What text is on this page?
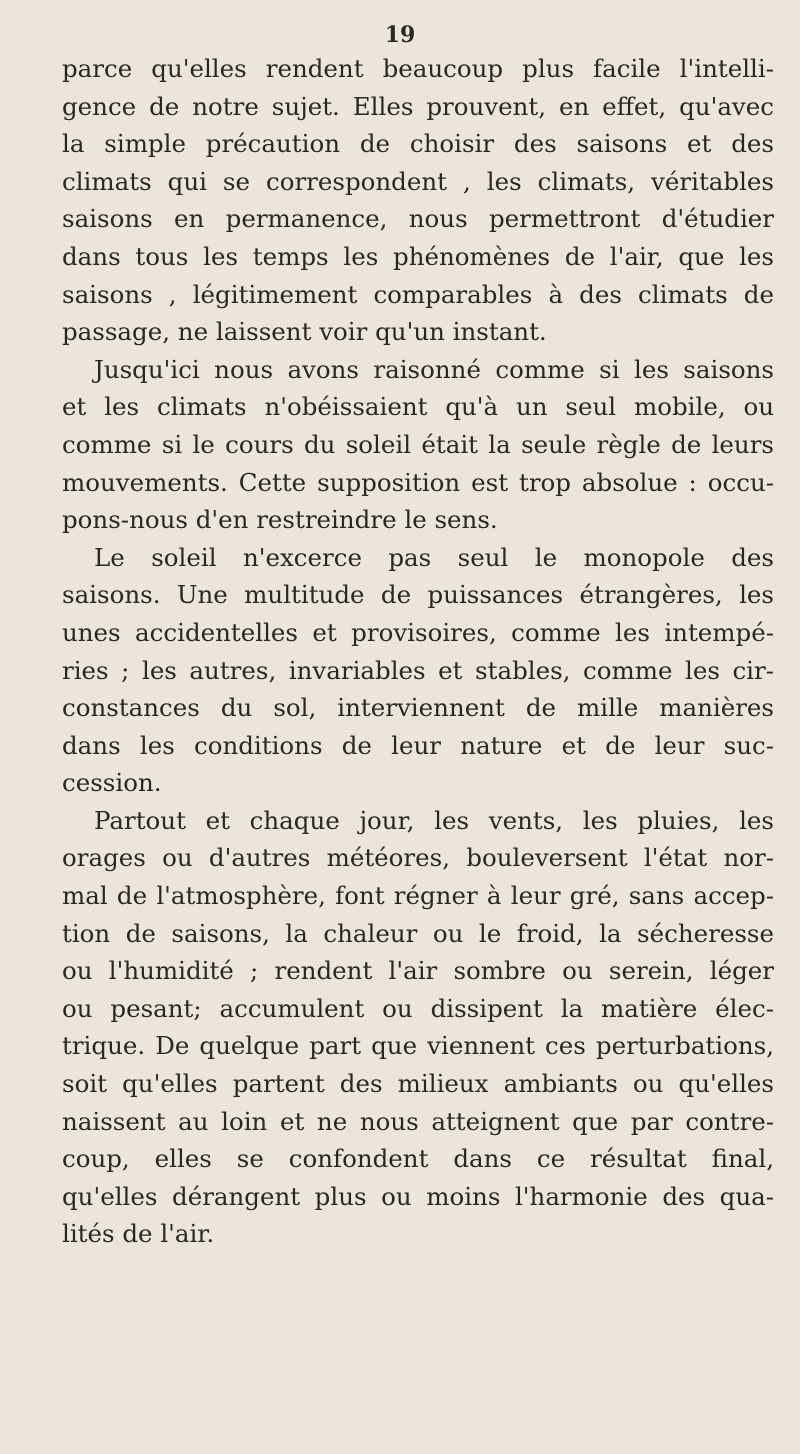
19
parce qu'elles rendent beaucoup plus facile l'intelli-
gence de notre sujet. Elles prouvent, en effet, qu'avec
la simple précaution de choisir des saisons et des
climats qui se correspondent , les climats, véritables
saisons en permanence, nous permettront d'étudier
dans tous les temps les phénomènes de l'air, que les
saisons , légitimement comparables à des climats de
passage, ne laissent voir qu'un instant.
Jusqu'ici nous avons raisonné comme si les saisons
et les climats n'obéissaient qu'à un seul mobile, ou
comme si le cours du soleil était la seule règle de leurs
mouvements. Cette supposition est trop absolue : occu-
pons-nous d'en restreindre le sens.
Le soleil n'excerce pas seul le monopole des
saisons. Une multitude de puissances étrangères, les
unes accidentelles et provisoires, comme les intempé-
ries ; les autres, invariables et stables, comme les cir-
constances du sol, interviennent de mille manières
dans les conditions de leur nature et de leur suc-
cession.
Partout et chaque jour, les vents, les pluies, les
orages ou d'autres météores, bouleversent l'état nor-
mal de l'atmosphère, font régner à leur gré, sans accep-
tion de saisons, la chaleur ou le froid, la sécheresse
ou l'humidité ; rendent l'air sombre ou serein, léger
ou pesant; accumulent ou dissipent la matière élec-
trique. De quelque part que viennent ces perturbations,
soit qu'elles partent des milieux ambiants ou qu'elles
naissent au loin et ne nous atteignent que par contre-
coup, elles se confondent dans ce résultat final,
qu'elles dérangent plus ou moins l'harmonie des qua-
lités de l'air.
